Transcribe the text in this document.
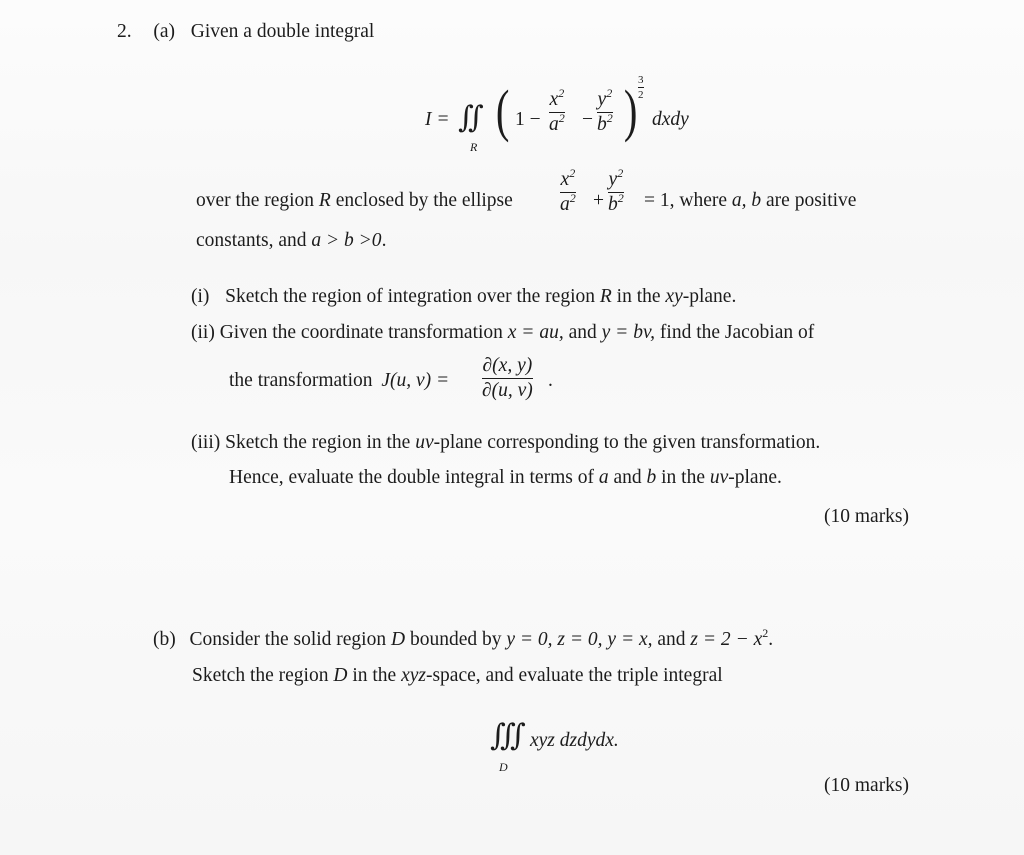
2. (a) Given a double integral
I = ∬
R
( 1 −
$x^2$
$a^2$ −
$y^2$
$b^2$ ) 3
2
dxdy
over the region R enclosed by the ellipse
$x^2$
$a^2$ +
$y^2$
$b^2 = 1$, where a, b are positive
constants, and a > b >0.
(i) Sketch the region of integration over the region R in the xy-plane.
(ii) Given the coordinate transformation x = au, and y = bv, find the Jacobian of
the transformation J(u, v) =
∂(x, y)
∂(u, v) .
(iii) Sketch the region in the uv-plane corresponding to the given transformation.
Hence, evaluate the double integral in terms of a and b in the uv-plane.
(10 marks)
(b) Consider the solid region D bounded by y = 0, z = 0, y = x, and $z = 2 - x^2$.
Sketch the region D in the xyz-space, and evaluate the triple integral
∭
D
xyz dzdydx.
(10 marks)
